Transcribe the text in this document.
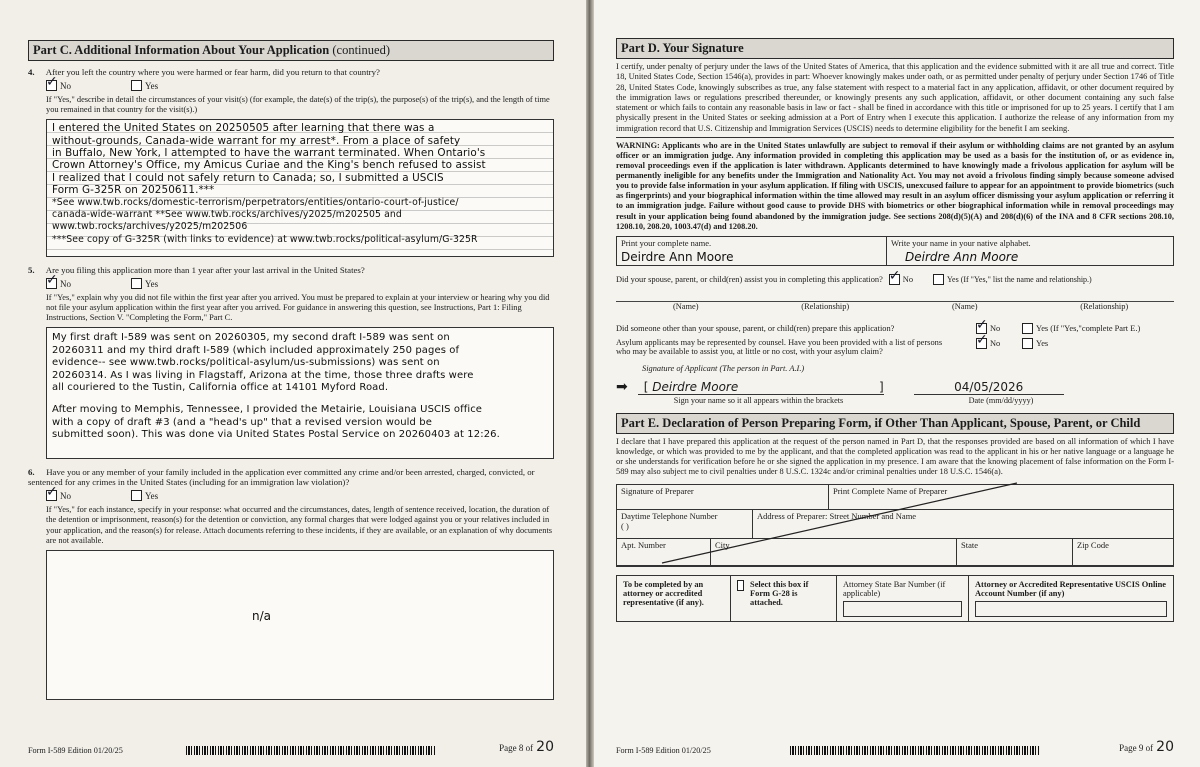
Part C. Additional Information About Your Application (continued)
4. After you left the country where you were harmed or fear harm, did you return to that country?
✓
No	Yes
If "Yes," describe in detail the circumstances of your visit(s) (for example, the date(s) of the trip(s), the purpose(s) of the trip(s), and the length of time you remained in that country for the visit(s).)
I entered the United States on 20250505 after learning that there was a
without-grounds, Canada-wide warrant for my arrest*. From a place of safety
in Buffalo, New York, I attempted to have the warrant terminated. When Ontario's
Crown Attorney's Office, my Amicus Curiae and the King's bench refused to assist
I realized that I could not safely return to Canada; so, I submitted a USCIS
Form G-325R on 20250611.***
*See www.twb.rocks/domestic-terrorism/perpetrators/entities/ontario-court-of-justice/
canada-wide-warrant **See www.twb.rocks/archives/y2025/m202505 and
www.twb.rocks/archives/y2025/m202506
***See copy of G-325R (with links to evidence) at www.twb.rocks/political-asylum/G-325R
5. Are you filing this application more than 1 year after your last arrival in the United States?
✓
No	Yes
If "Yes," explain why you did not file within the first year after you arrived. You must be prepared to explain at your interview or hearing why you did not file your asylum application within the first year after you arrived. For guidance in answering this question, see Instructions, Part 1: Filing Instructions, Section V. "Completing the Form," Part C.
My first draft I-589 was sent on 20260305, my second draft I-589 was sent on
20260311 and my third draft I-589 (which included approximately 250 pages of
evidence-- see www.twb.rocks/political-asylum/us-submissions) was sent on
20260314. As I was living in Flagstaff, Arizona at the time, those three drafts were
all couriered to the Tustin, California office at 14101 Myford Road.
After moving to Memphis, Tennessee, I provided the Metairie, Louisiana USCIS office
with a copy of draft #3 (and a "head's up" that a revised version would be
submitted soon). This was done via United States Postal Service on 20260403 at 12:26.
6. Have you or any member of your family included in the application ever committed any crime and/or been arrested, charged, convicted, or sentenced for any crimes in the United States (including for an immigration law violation)?
✓
No	Yes
If "Yes," for each instance, specify in your response: what occurred and the circumstances, dates, length of sentence received, location, the duration of the detention or imprisonment, reason(s) for the detention or conviction, any formal charges that were lodged against you or your relatives included in your application, and the reason(s) for release. Attach documents referring to these incidents, if they are available, or an explanation of why documents are not available.
n/a
Form I-589 Edition 01/20/25	Page 8 of 20
Part D. Your Signature
I certify, under penalty of perjury under the laws of the United States of America, that this application and the evidence submitted with it are all true and correct. Title 18, United States Code, Section 1546(a), provides in part: Whoever knowingly makes under oath, or as permitted under penalty of perjury under Section 1746 of Title 28, United States Code, knowingly subscribes as true, any false statement with respect to a material fact in any application, affidavit, or other document required by the immigration laws or regulations prescribed thereunder, or knowingly presents any such application, affidavit, or other document containing any such false statement or which fails to contain any reasonable basis in law or fact - shall be fined in accordance with this title or imprisoned for up to 25 years. I certify that I am physically present in the United States or seeking admission at a Port of Entry when I execute this application. I authorize the release of any information from my immigration record that U.S. Citizenship and Immigration Services (USCIS) needs to determine eligibility for the benefit I am seeking.
WARNING: Applicants who are in the United States unlawfully are subject to removal if their asylum or withholding claims are not granted by an asylum officer or an immigration judge. Any information provided in completing this application may be used as a basis for the institution of, or as evidence in, removal proceedings even if the application is later withdrawn. Applicants determined to have knowingly made a frivolous application for asylum will be permanently ineligible for any benefits under the Immigration and Nationality Act. You may not avoid a frivolous finding simply because someone advised you to provide false information in your asylum application. If filing with USCIS, unexcused failure to appear for an appointment to provide biometrics (such as fingerprints) and your biographical information within the time allowed may result in an asylum officer dismissing your asylum application or referring it to an immigration judge. Failure without good cause to provide DHS with biometrics or other biographical information while in removal proceedings may result in your application being found abandoned by the immigration judge. See sections 208(d)(5)(A) and 208(d)(6) of the INA and 8 CFR sections 208.10, 1208.10, 208.20, 1003.47(d) and 1208.20.
Print your complete name.
Deirdre Ann Moore
Write your name in your native alphabet.
Deirdre Ann Moore
Did your spouse, parent, or child(ren) assist you in completing this application? ✓ No	Yes (If "Yes," list the name and relationship.)
(Name)	(Relationship)	(Name)	(Relationship)
Did someone other than your spouse, parent, or child(ren) prepare this application? ✓	No	Yes (If "Yes,"complete Part E.)
Asylum applicants may be represented by counsel. Have you been provided with a list of persons who may be available to assist you, at little or no cost, with your asylum claim?
✓
No	Yes
Signature of Applicant (The person in Part. A.I.)
➡	[ Deirdre Moore	]	04/05/2026
Sign your name so it all appears within the brackets	Date (mm/dd/yyyy)
Part E. Declaration of Person Preparing Form, if Other Than Applicant, Spouse, Parent, or Child
I declare that I have prepared this application at the request of the person named in Part D, that the responses provided are based on all information of which I have knowledge, or which was provided to me by the applicant, and that the completed application was read to the applicant in his or her native language or a language he or she understands for verification before he or she signed the application in my presence. I am aware that the knowing placement of false information on the Form I-589 may also subject me to civil penalties under 8 U.S.C. 1324c and/or criminal penalties under 18 U.S.C. 1546(a).
Signature of Preparer	Print Complete Name of Preparer
Daytime Telephone Number
( )
Address of Preparer: Street Number and Name
Apt. Number	City	State	Zip Code
To be completed by an attorney or accredited representative (if any).
Select this box if Form G-28 is attached.
Attorney State Bar Number (if applicable)
Attorney or Accredited Representative USCIS Online Account Number (if any)
Form I-589 Edition 01/20/25	Page 9 of 20
